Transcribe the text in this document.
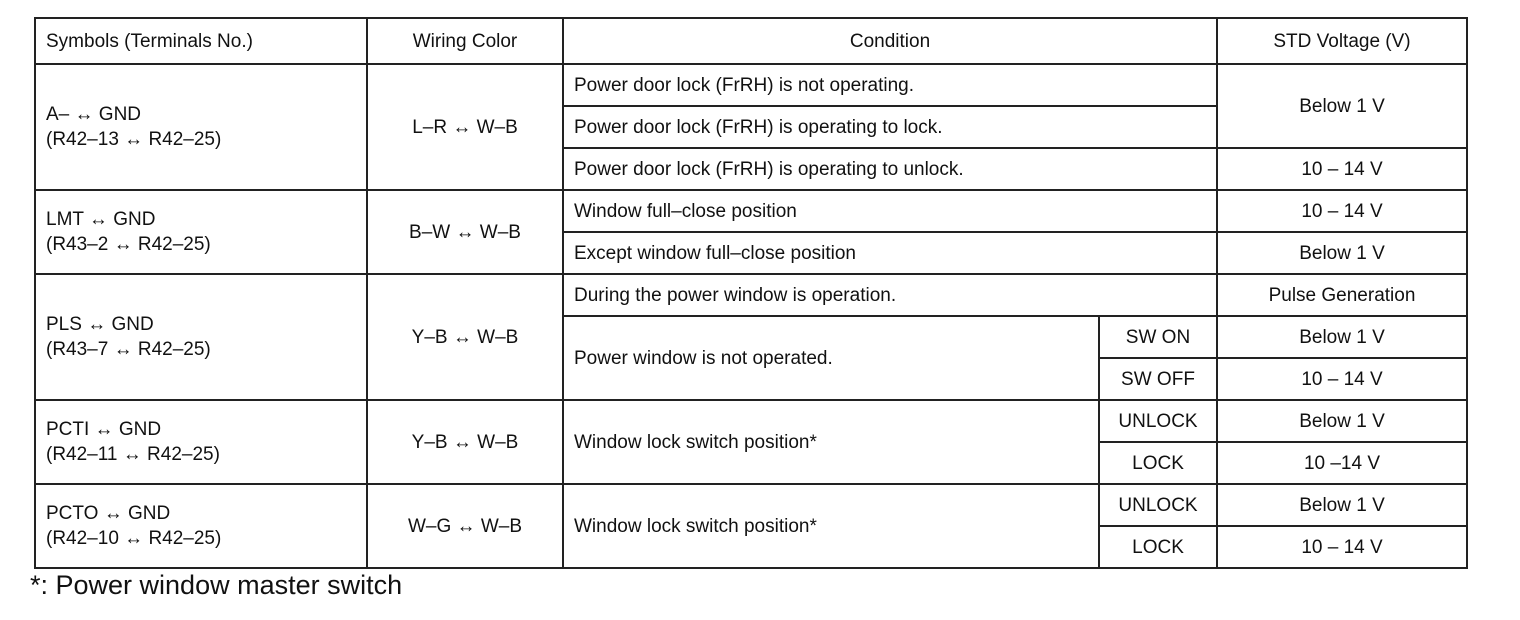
Symbols (Terminals No.)	Wiring Color	Condition		STD Voltage (V)

A– ↔ GND
(R42–13 ↔ R42–25)	L–R ↔ W–B	Power door lock (FrRH) is not operating.		Below 1 V
		Power door lock (FrRH) is operating to lock.		
		Power door lock (FrRH) is operating to unlock.		10 – 14 V

LMT ↔ GND
(R43–2 ↔ R42–25)	B–W ↔ W–B	Window full–close position		10 – 14 V
		Except window full–close position		Below 1 V

PLS ↔ GND
(R43–7 ↔ R42–25)	Y–B ↔ W–B	During the power window is operation.		Pulse Generation
		Power window is not operated.	SW ON	Below 1 V
			SW OFF	10 – 14 V

PCTI ↔ GND
(R42–11 ↔ R42–25)	Y–B ↔ W–B	Window lock switch position*	UNLOCK	Below 1 V
			LOCK	10 –14 V

PCTO ↔ GND
(R42–10 ↔ R42–25)	W–G ↔ W–B	Window lock switch position*	UNLOCK	Below 1 V
			LOCK	10 – 14 V
*: Power window master switch
